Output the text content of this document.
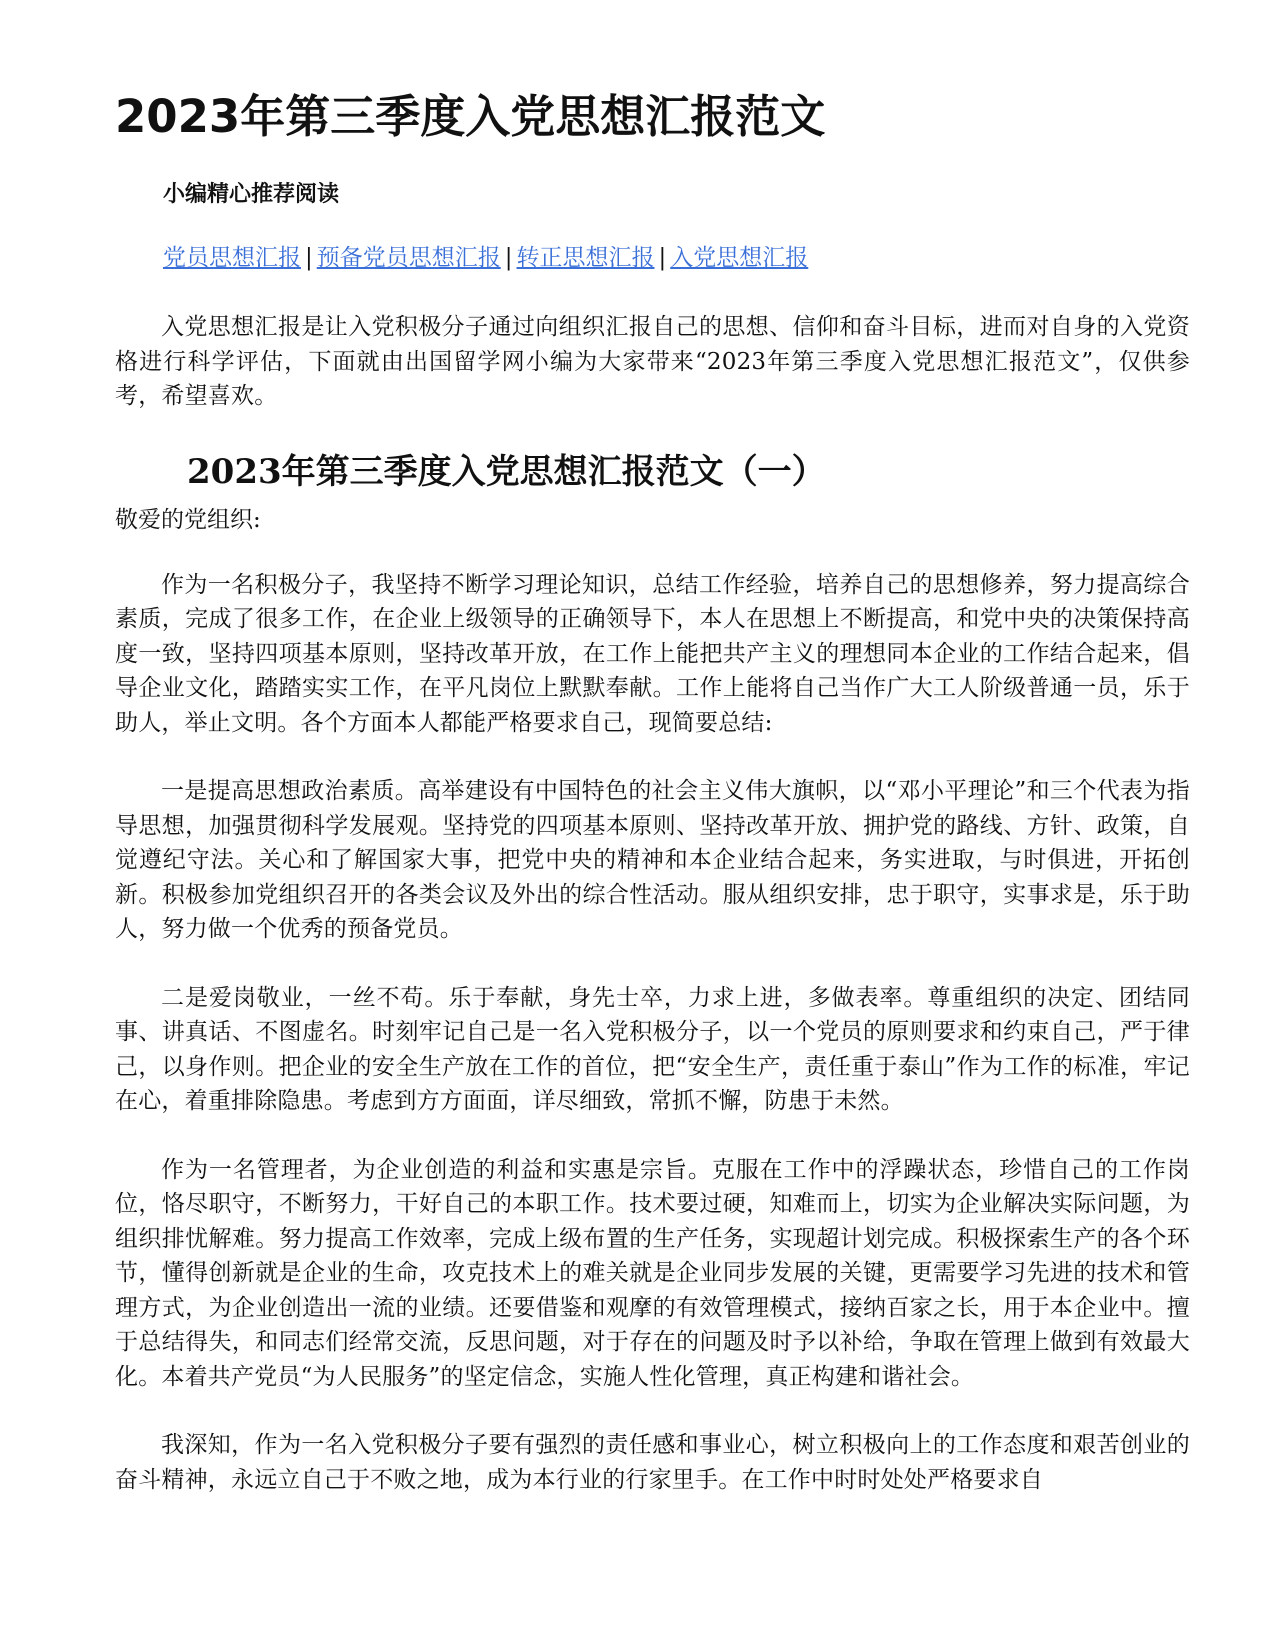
2023年第三季度入党思想汇报范文
小编精心推荐阅读
党员思想汇报 | 预备党员思想汇报 | 转正思想汇报 | 入党思想汇报

入党思想汇报是让入党积极分子通过向组织汇报自己的思想、信仰和奋斗目标，进而对自身的入党资格进行科学评估，下面就由出国留学网小编为大家带来“2023年第三季度入党思想汇报范文”，仅供参考，希望喜欢。

2023年第三季度入党思想汇报范文（一）
敬爱的党组织:

作为一名积极分子，我坚持不断学习理论知识，总结工作经验，培养自己的思想修养，努力提高综合素质，完成了很多工作，在企业上级领导的正确领导下，本人在思想上不断提高，和党中央的决策保持高度一致，坚持四项基本原则，坚持改革开放，在工作上能把共产主义的理想同本企业的工作结合起来，倡导企业文化，踏踏实实工作，在平凡岗位上默默奉献。工作上能将自己当作广大工人阶级普通一员，乐于助人，举止文明。各个方面本人都能严格要求自己，现简要总结:

一是提高思想政治素质。高举建设有中国特色的社会主义伟大旗帜，以“邓小平理论”和三个代表为指导思想，加强贯彻科学发展观。坚持党的四项基本原则、坚持改革开放、拥护党的路线、方针、政策，自觉遵纪守法。关心和了解国家大事，把党中央的精神和本企业结合起来，务实进取，与时俱进，开拓创新。积极参加党组织召开的各类会议及外出的综合性活动。服从组织安排，忠于职守，实事求是，乐于助人，努力做一个优秀的预备党员。

二是爱岗敬业，一丝不苟。乐于奉献，身先士卒，力求上进，多做表率。尊重组织的决定、团结同事、讲真话、不图虚名。时刻牢记自己是一名入党积极分子，以一个党员的原则要求和约束自己，严于律己，以身作则。把企业的安全生产放在工作的首位，把“安全生产，责任重于泰山”作为工作的标准，牢记在心，着重排除隐患。考虑到方方面面，详尽细致，常抓不懈，防患于未然。

作为一名管理者，为企业创造的利益和实惠是宗旨。克服在工作中的浮躁状态，珍惜自己的工作岗位，恪尽职守，不断努力，干好自己的本职工作。技术要过硬，知难而上，切实为企业解决实际问题，为组织排忧解难。努力提高工作效率，完成上级布置的生产任务，实现超计划完成。积极探索生产的各个环节，懂得创新就是企业的生命，攻克技术上的难关就是企业同步发展的关键，更需要学习先进的技术和管理方式，为企业创造出一流的业绩。还要借鉴和观摩的有效管理模式，接纳百家之长，用于本企业中。擅于总结得失，和同志们经常交流，反思问题，对于存在的问题及时予以补给，争取在管理上做到有效最大化。本着共产党员“为人民服务”的坚定信念，实施人性化管理，真正构建和谐社会。

我深知，作为一名入党积极分子要有强烈的责任感和事业心，树立积极向上的工作态度和艰苦创业的奋斗精神，永远立自己于不败之地，成为本行业的行家里手。在工作中时时处处严格要求自
